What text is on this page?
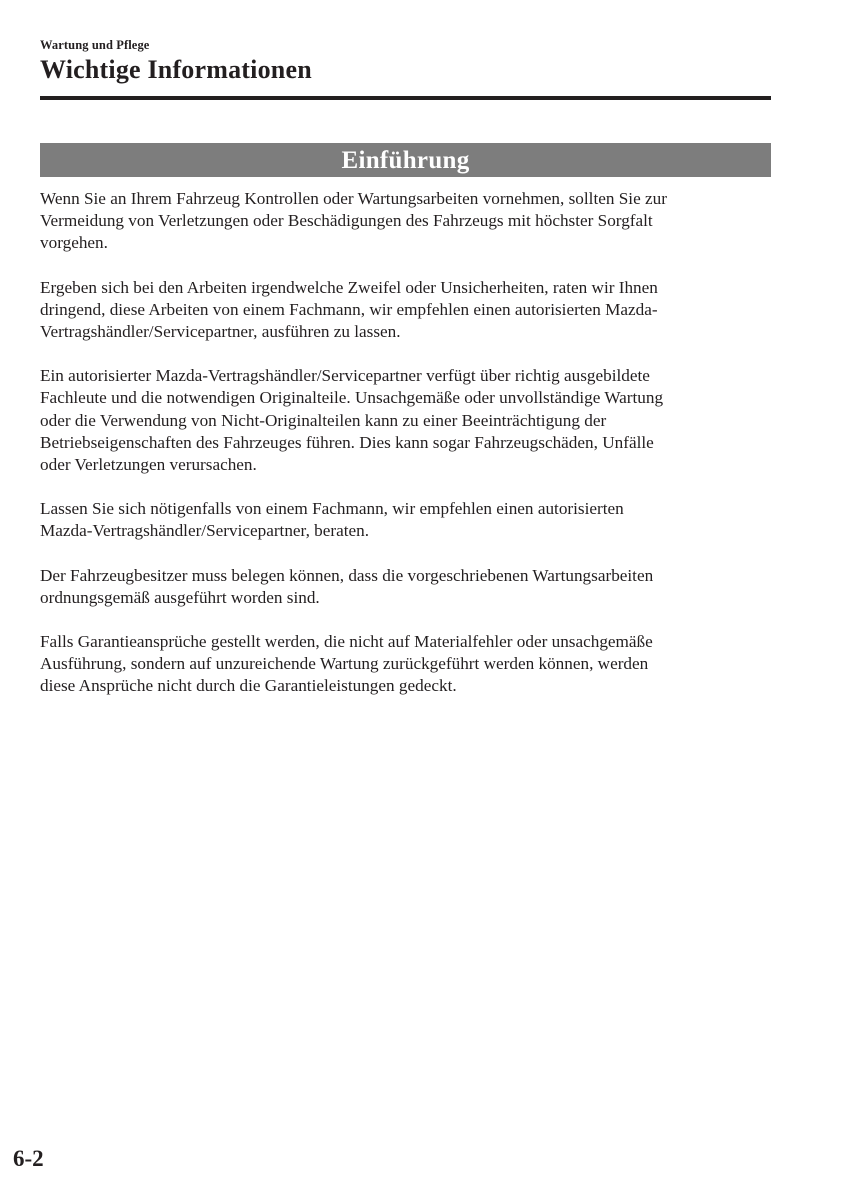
Wartung und Pflege
Wichtige Informationen
Einführung

Wenn Sie an Ihrem Fahrzeug Kontrollen oder Wartungsarbeiten vornehmen, sollten Sie zur
Vermeidung von Verletzungen oder Beschädigungen des Fahrzeugs mit höchster Sorgfalt
vorgehen.

Ergeben sich bei den Arbeiten irgendwelche Zweifel oder Unsicherheiten, raten wir Ihnen
dringend, diese Arbeiten von einem Fachmann, wir empfehlen einen autorisierten Mazda-
Vertragshändler/Servicepartner, ausführen zu lassen.

Ein autorisierter Mazda-Vertragshändler/Servicepartner verfügt über richtig ausgebildete
Fachleute und die notwendigen Originalteile. Unsachgemäße oder unvollständige Wartung
oder die Verwendung von Nicht-Originalteilen kann zu einer Beeinträchtigung der
Betriebseigenschaften des Fahrzeuges führen. Dies kann sogar Fahrzeugschäden, Unfälle
oder Verletzungen verursachen.

Lassen Sie sich nötigenfalls von einem Fachmann, wir empfehlen einen autorisierten
Mazda-Vertragshändler/Servicepartner, beraten.

Der Fahrzeugbesitzer muss belegen können, dass die vorgeschriebenen Wartungsarbeiten
ordnungsgemäß ausgeführt worden sind.

Falls Garantieansprüche gestellt werden, die nicht auf Materialfehler oder unsachgemäße
Ausführung, sondern auf unzureichende Wartung zurückgeführt werden können, werden
diese Ansprüche nicht durch die Garantieleistungen gedeckt.

6-2
